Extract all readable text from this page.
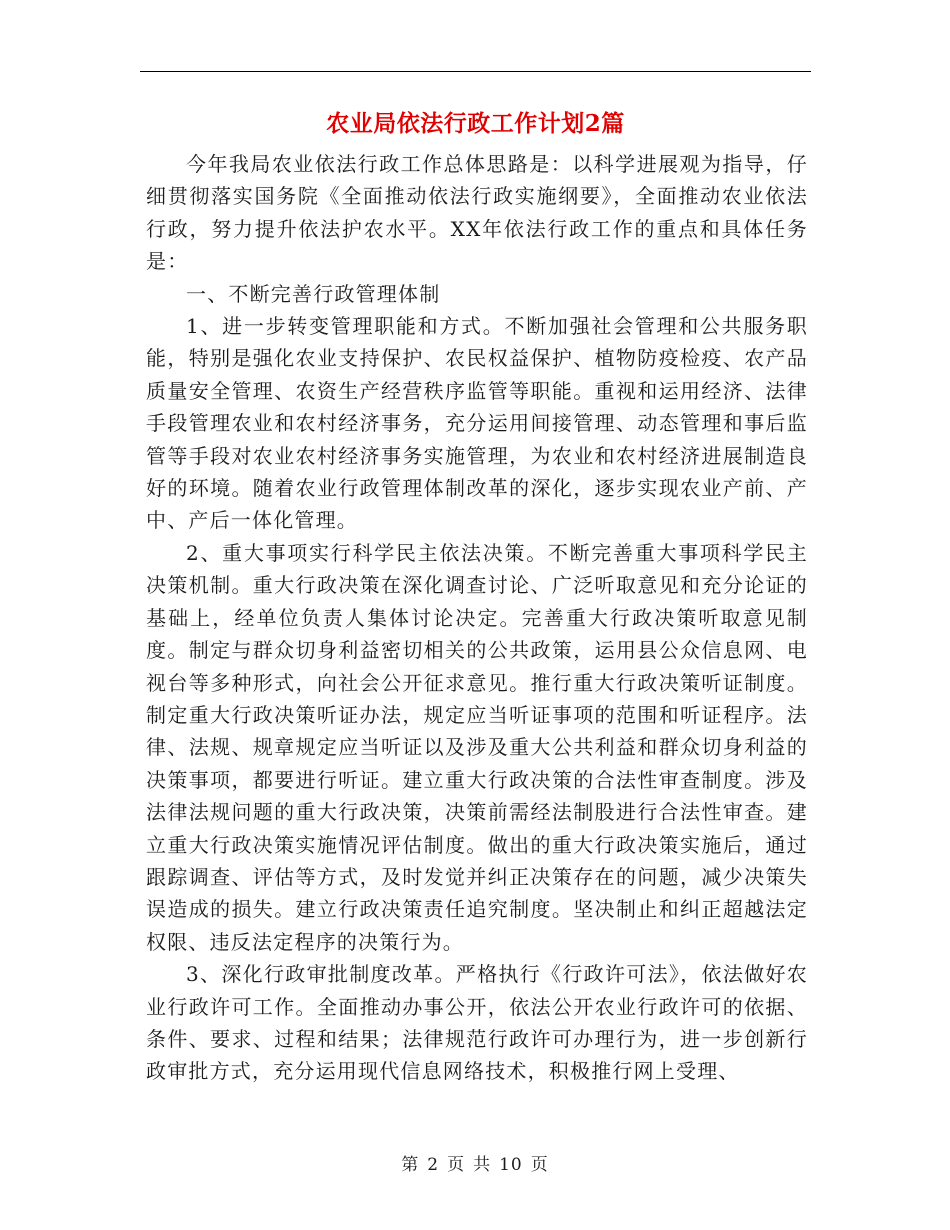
农业局依法行政工作计划2篇

今年我局农业依法行政工作总体思路是：以科学进展观为指导，仔细贯彻落实国务院《全面推动依法行政实施纲要》，全面推动农业依法行政，努力提升依法护农水平。XX年依法行政工作的重点和具体任务是：

一、不断完善行政管理体制

1、进一步转变管理职能和方式。不断加强社会管理和公共服务职能，特别是强化农业支持保护、农民权益保护、植物防疫检疫、农产品质量安全管理、农资生产经营秩序监管等职能。重视和运用经济、法律手段管理农业和农村经济事务，充分运用间接管理、动态管理和事后监管等手段对农业农村经济事务实施管理，为农业和农村经济进展制造良好的环境。随着农业行政管理体制改革的深化，逐步实现农业产前、产中、产后一体化管理。

2、重大事项实行科学民主依法决策。不断完善重大事项科学民主决策机制。重大行政决策在深化调查讨论、广泛听取意见和充分论证的基础上，经单位负责人集体讨论决定。完善重大行政决策听取意见制度。制定与群众切身利益密切相关的公共政策，运用县公众信息网、电视台等多种形式，向社会公开征求意见。推行重大行政决策听证制度。制定重大行政决策听证办法，规定应当听证事项的范围和听证程序。法律、法规、规章规定应当听证以及涉及重大公共利益和群众切身利益的决策事项，都要进行听证。建立重大行政决策的合法性审查制度。涉及法律法规问题的重大行政决策，决策前需经法制股进行合法性审查。建立重大行政决策实施情况评估制度。做出的重大行政决策实施后，通过跟踪调查、评估等方式，及时发觉并纠正决策存在的问题，减少决策失误造成的损失。建立行政决策责任追究制度。坚决制止和纠正超越法定权限、违反法定程序的决策行为。

3、深化行政审批制度改革。严格执行《行政许可法》，依法做好农业行政许可工作。全面推动办事公开，依法公开农业行政许可的依据、条件、要求、过程和结果；法律规范行政许可办理行为，进一步创新行政审批方式，充分运用现代信息网络技术，积极推行网上受理、

第 2 页 共 10 页
